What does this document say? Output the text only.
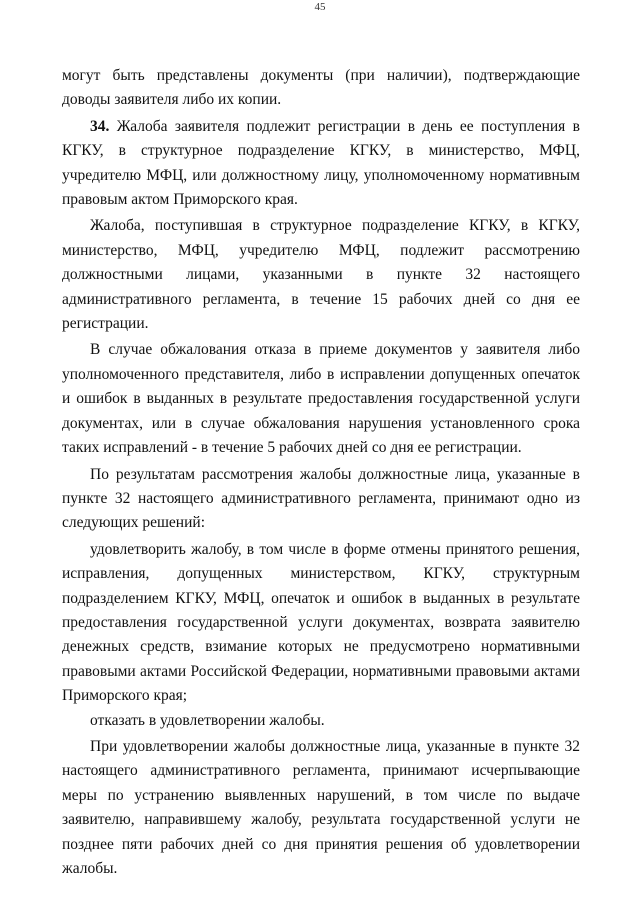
45

могут быть представлены документы (при наличии), подтверждающие доводы заявителя либо их копии.

34. Жалоба заявителя подлежит регистрации в день ее поступления в КГКУ, в структурное подразделение КГКУ, в министерство, МФЦ, учредителю МФЦ, или должностному лицу, уполномоченному нормативным правовым актом Приморского края.

Жалоба, поступившая в структурное подразделение КГКУ, в КГКУ, министерство, МФЦ, учредителю МФЦ, подлежит рассмотрению должностными лицами, указанными в пункте 32 настоящего административного регламента, в течение 15 рабочих дней со дня ее регистрации.

В случае обжалования отказа в приеме документов у заявителя либо уполномоченного представителя, либо в исправлении допущенных опечаток и ошибок в выданных в результате предоставления государственной услуги документах, или в случае обжалования нарушения установленного срока таких исправлений - в течение 5 рабочих дней со дня ее регистрации.

По результатам рассмотрения жалобы должностные лица, указанные в пункте 32 настоящего административного регламента, принимают одно из следующих решений:

удовлетворить жалобу, в том числе в форме отмены принятого решения, исправления, допущенных министерством, КГКУ, структурным подразделением КГКУ, МФЦ, опечаток и ошибок в выданных в результате предоставления государственной услуги документах, возврата заявителю денежных средств, взимание которых не предусмотрено нормативными правовыми актами Российской Федерации, нормативными правовыми актами Приморского края;

отказать в удовлетворении жалобы.

При удовлетворении жалобы должностные лица, указанные в пункте 32 настоящего административного регламента, принимают исчерпывающие меры по устранению выявленных нарушений, в том числе по выдаче заявителю, направившему жалобу, результата государственной услуги не позднее пяти рабочих дней со дня принятия решения об удовлетворении жалобы.
